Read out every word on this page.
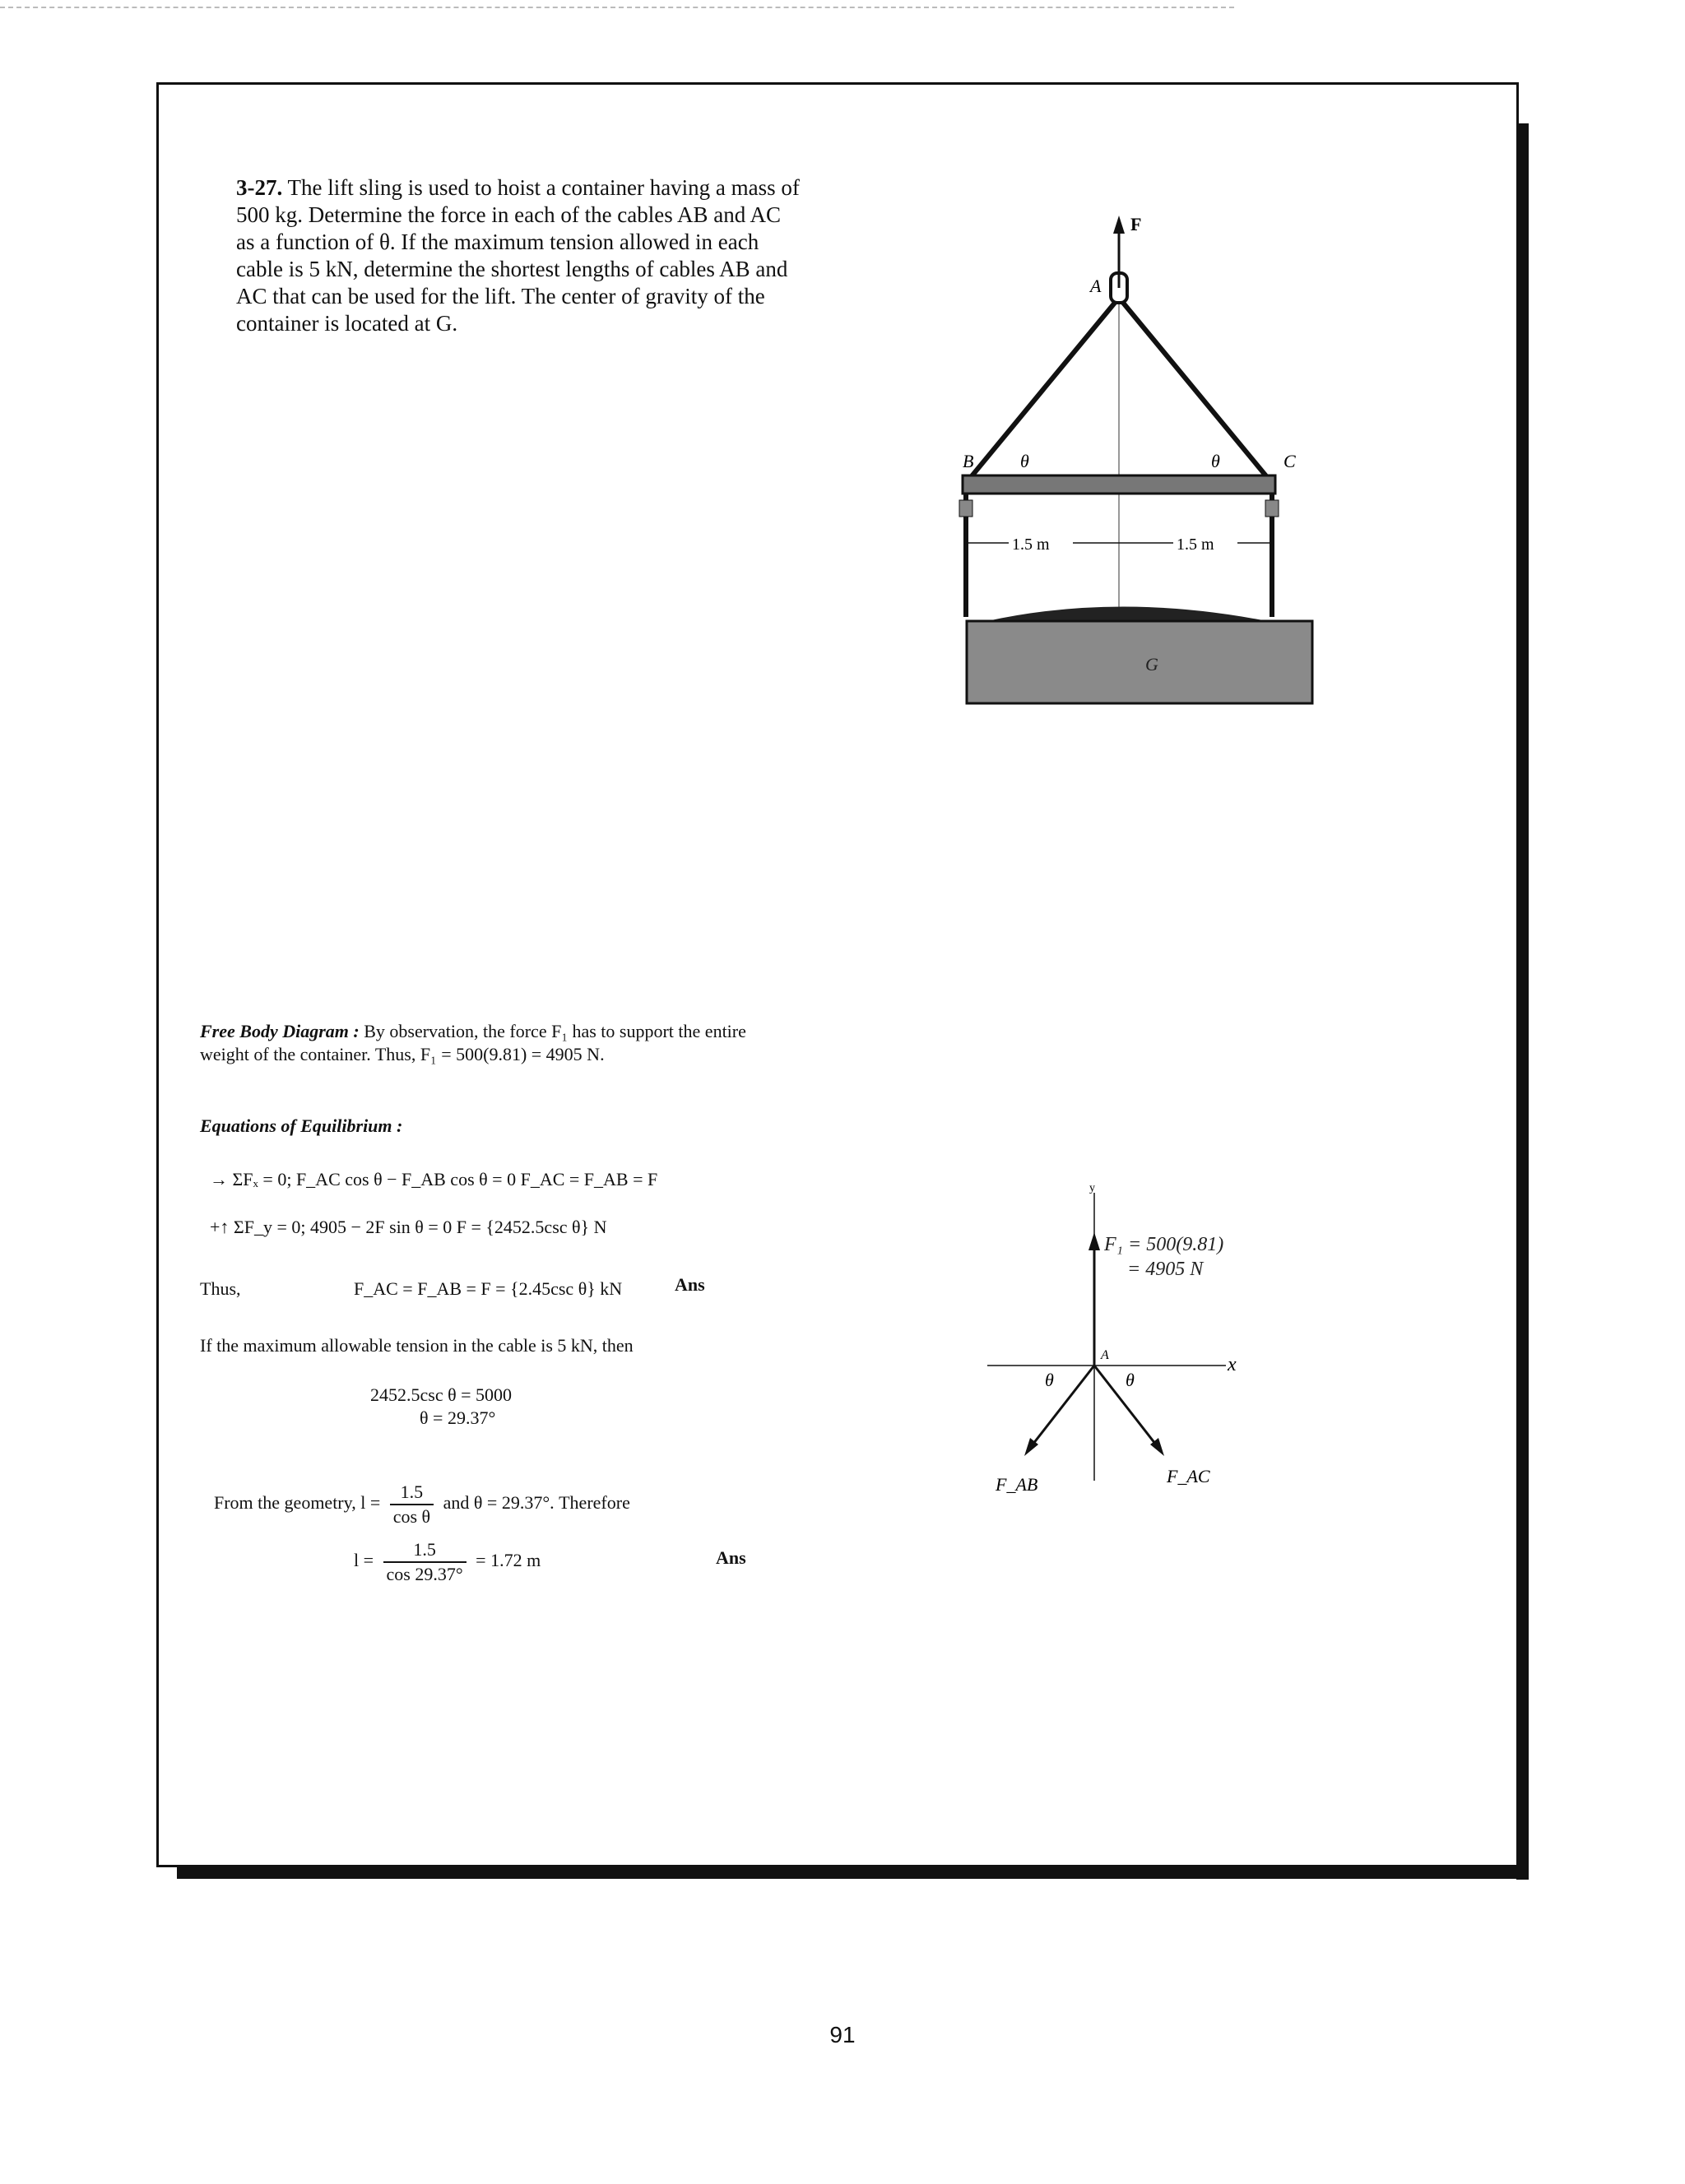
3-27. The lift sling is used to hoist a container having a mass of 500 kg. Determine the force in each of the cables AB and AC as a function of θ. If the maximum tension allowed in each cable is 5 kN, determine the shortest lengths of cables AB and AC that can be used for the lift. The center of gravity of the container is located at G.
F
A
B	C
θ	θ
1.5 m	1.5 m
G
Free Body Diagram : By observation, the force F₁ has to support the entire weight of the container. Thus, F₁ = 500(9.81) = 4905 N.
Equations of Equilibrium :
→ ΣFₓ = 0; F_AC cos θ − F_AB cos θ = 0 F_AC = F_AB = F
+↑ ΣF_y = 0; 4905 − 2F sin θ = 0 F = {2452.5csc θ} N
Thus,	F_AC = F_AB = F = {2.45csc θ} kN	Ans
If the maximum allowable tension in the cable is 5 kN, then
2452.5csc θ = 5000
θ = 29.37°
From the geometry, $l = \frac{1.5}{\text{cos θ}}$ and θ = 29.37°. Therefore
$l = \frac{1.5}{\cos 29.37^\circ} = 1.72$ m	Ans
y
F₁ = 500(9.81)
= 4905 N
x
A
θ	θ
F_AB	F_AC
91
